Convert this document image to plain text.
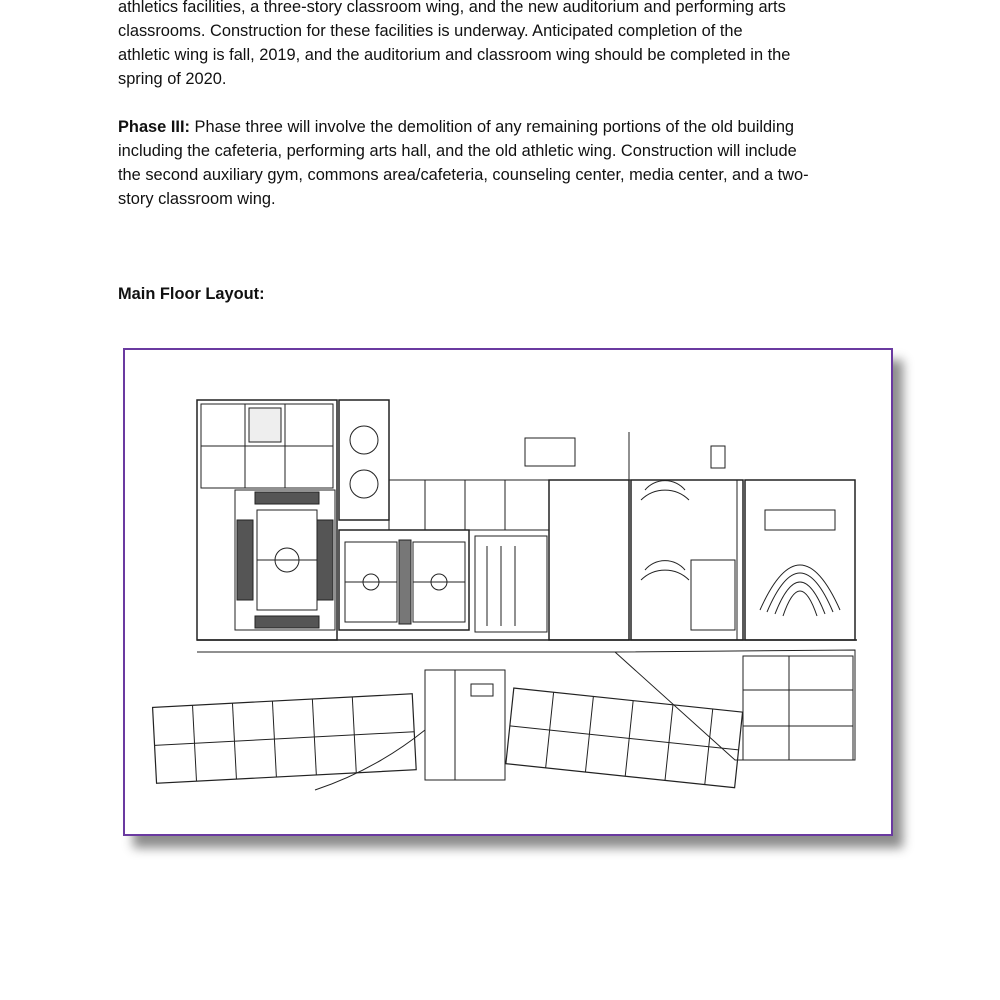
athletics facilities, a three-story classroom wing, and the new auditorium and performing arts
classrooms. Construction for these facilities is underway. Anticipated completion of the
athletic wing is fall, 2019, and the auditorium and classroom wing should be completed in the
spring of 2020.
Phase III: Phase three will involve the demolition of any remaining portions of the old building
including the cafeteria, performing arts hall, and the old athletic wing. Construction will include
the second auxiliary gym, commons area/cafeteria, counseling center, media center, and a two-
story classroom wing.

Main Floor Layout:
